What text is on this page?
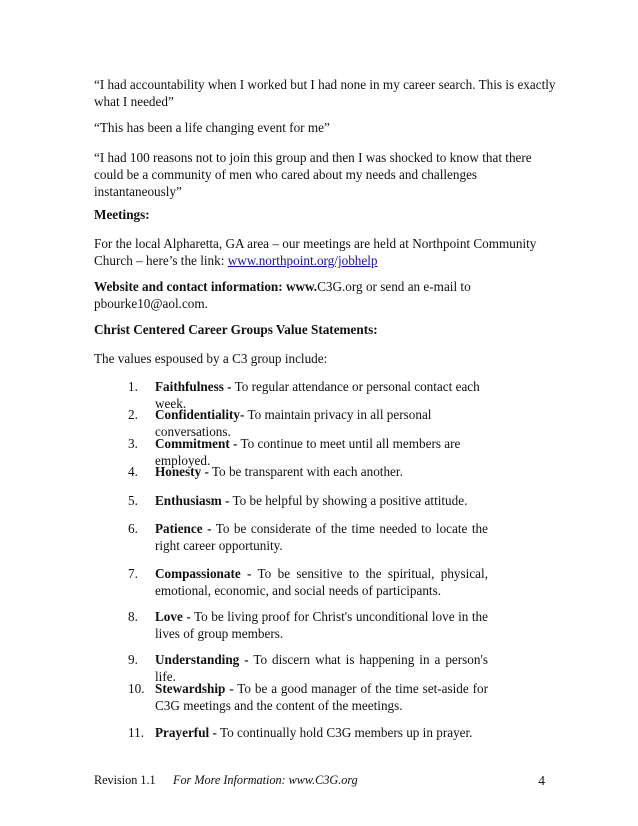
“I had accountability when I worked but I had none in my career search. This is exactly what I needed”

“This has been a life changing event for me”

“I had 100 reasons not to join this group and then I was shocked to know that there could be a community of men who cared about my needs and challenges instantaneously”

Meetings:

For the local Alpharetta, GA area – our meetings are held at Northpoint Community Church – here’s the link: www.northpoint.org/jobhelp

Website and contact information: www.C3G.org or send an e-mail to pbourke10@aol.com.

Christ Centered Career Groups Value Statements:

The values espoused by a C3 group include:

1.	Faithfulness - To regular attendance or personal contact each week.
2.	Confidentiality- To maintain privacy in all personal conversations.
3.	Commitment - To continue to meet until all members are employed.
4.	Honesty - To be transparent with each another.
5.	Enthusiasm - To be helpful by showing a positive attitude.
6.	Patience - To be considerate of the time needed to locate the right career opportunity.
7.	Compassionate - To be sensitive to the spiritual, physical, emotional, economic, and social needs of participants.
8.	Love - To be living proof for Christ's unconditional love in the lives of group members.
9.	Understanding - To discern what is happening in a person's life.
10. Stewardship - To be a good manager of the time set-aside for C3G meetings and the content of the meetings.
11. Prayerful - To continually hold C3G members up in prayer.
Revision 1.1 For More Information: www.C3G.org	4
